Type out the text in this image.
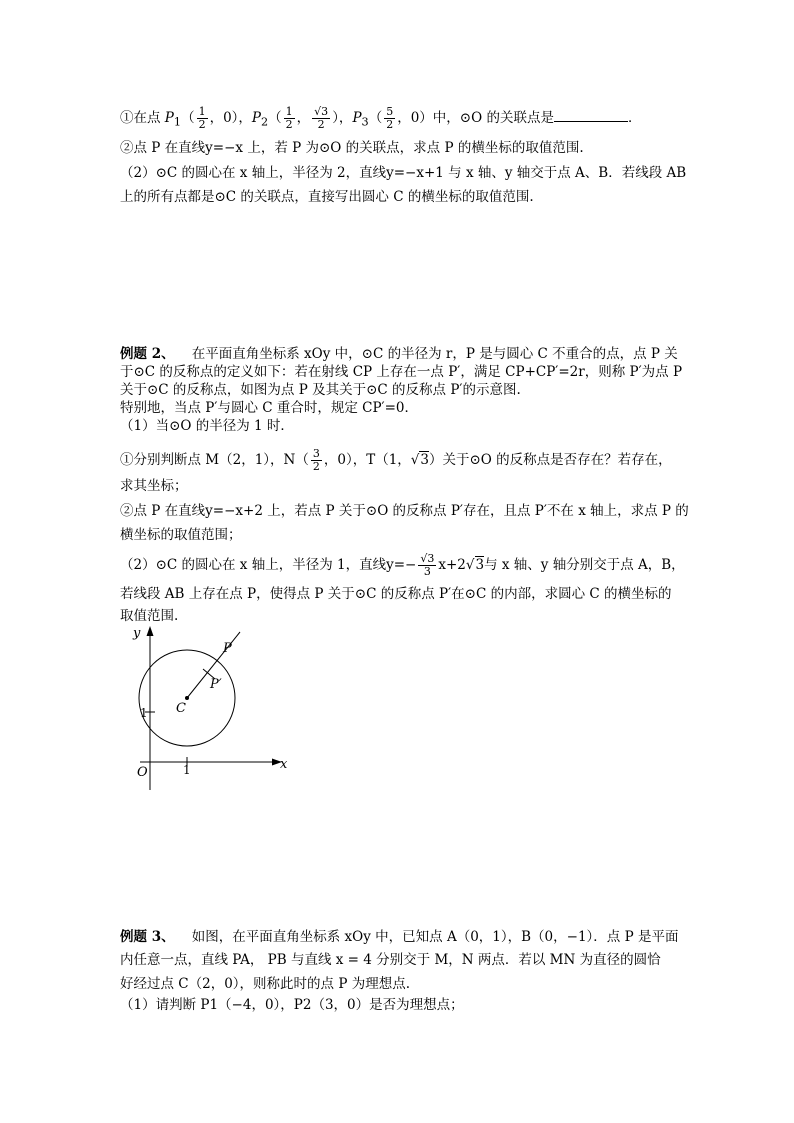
①在点 $P_1( \frac{1}{2}$ ，0），$P_2( \frac{1}{2}$ ， $\frac{√3}{2}$ ），$P_3( \frac{5}{2}$ ，0）中，⊙O 的关联点是	．
②点 P 在直线y=−x 上，若 P 为⊙O 的关联点，求点 P 的横坐标的取值范围.
（2）⊙C 的圆心在 x 轴上，半径为 2，直线y=−x+1 与 x 轴、y 轴交于点 A、B．若线段 AB
上的所有点都是⊙C 的关联点，直接写出圆心 C 的横坐标的取值范围.
例题 2、 在平面直角坐标系 xOy 中，⊙C 的半径为 r，P 是与圆心 C 不重合的点，点 P 关
于⊙C 的反称点的定义如下：若在射线 CP 上存在一点 P′，满足 CP+CP′=2r，则称 P′为点 P
关于⊙C 的反称点，如图为点 P 及其关于⊙C 的反称点 P′的示意图.
特别地，当点 P′与圆心 C 重合时，规定 CP′=0．
（1）当⊙O 的半径为 1 时．
①分别判断点 M（2，1），$N( \frac{3}{2}$ ，0），T（1，√3）关于⊙O 的反称点是否存在？若存在，
求其坐标；
②点 P 在直线y=−x+2 上，若点 P 关于⊙O 的反称点 P′存在，且点 P′不在 x 轴上，求点 P 的
横坐标的取值范围；
（2）⊙C 的圆心在 x 轴上，半径为 1，直线$y=- \frac{√3}{3} x+2√3$与 x 轴、y 轴分别交于点 A，B，
若线段 AB 上存在点 P，使得点 P 关于⊙C 的反称点 P′在⊙C 的内部，求圆心 C 的横坐标的
取值范围.
y
x
O	1
1 C
P
P′
例题 3、 如图，在平面直角坐标系 xOy 中，已知点 A（0，1），B（0，−1）．点 P 是平面
内任意一点，直线 PA， PB 与直线 x = 4 分别交于 M，N 两点．若以 MN 为直径的圆恰
好经过点 C（2，0），则称此时的点 P 为理想点.
（1）请判断 P1（−4，0），P2（3，0）是否为理想点；
